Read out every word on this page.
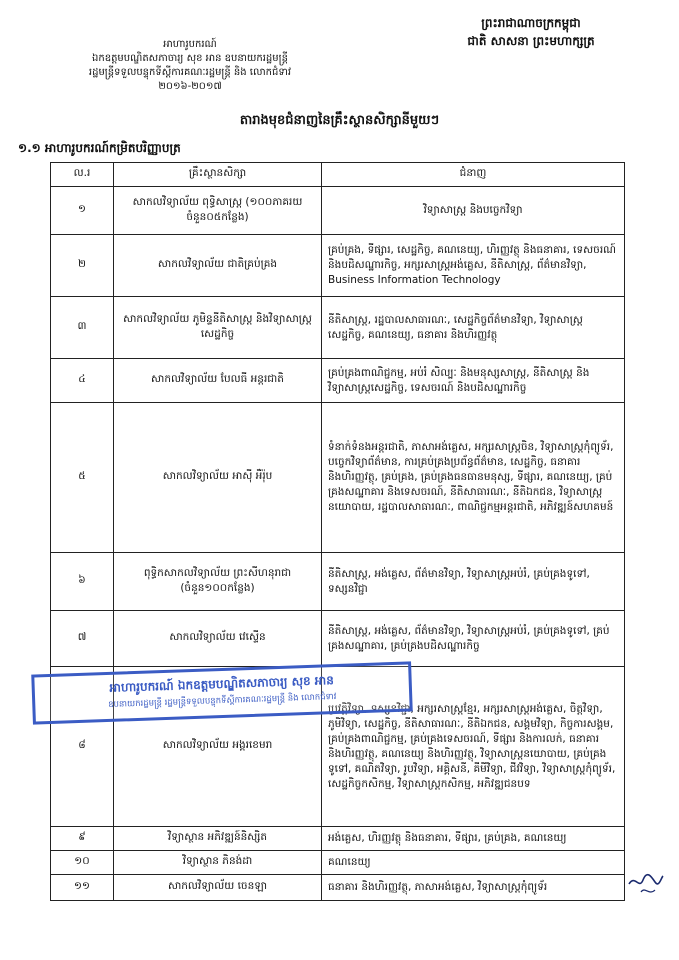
អាហារូបករណ៍
ឯកឧត្តមបណ្ឌិតសភាចារ្យ សុខ អាន ឧបនាយករដ្ឋមន្ត្រី
រដ្ឋមន្ត្រីទទួលបន្ទុកទីស្តីការគណៈរដ្ឋមន្ត្រី និង លោកជំទាវ
២០១៦-២០១៧
ព្រះរាជាណាចក្រកម្ពុជា
ជាតិ សាសនា ព្រះមហាក្សត្រ
តារាងមុខជំនាញនៃគ្រឹះស្ថានសិក្សានីមួយៗ
១.១ អាហារូបករណ៍កម្រិតបរិញ្ញាបត្រ
ល.រ	គ្រឹះស្ថានសិក្សា	ជំនាញ
១	សាកលវិទ្យាល័យ ពុទ្ធិសាស្ត្រ (១០០ភាគរយ ចំនួន០៥កន្លែង)	វិទ្យាសាស្ត្រ និងបច្ចេកវិទ្យា
២	សាកលវិទ្យាល័យ ជាតិគ្រប់គ្រង	គ្រប់គ្រង, ទីផ្សារ, សេដ្ឋកិច្ច, គណនេយ្យ, ហិរញ្ញវត្ថុ និងធនាគារ, ទេសចរណ៍និងបដិសណ្ឋារកិច្ច, អក្សរសាស្ត្រអង់គ្លេស, នីតិសាស្ត្រ, ព័ត៌មានវិទ្យា, Business Information Technology
៣	សាកលវិទ្យាល័យ ភូមិន្ទនីតិសាស្ត្រ និងវិទ្យាសាស្ត្រសេដ្ឋកិច្ច	នីតិសាស្ត្រ, រដ្ឋបាលសាធារណៈ, សេដ្ឋកិច្ចព័ត៌មានវិទ្យា, វិទ្យាសាស្ត្រសេដ្ឋកិច្ច, គណនេយ្យ, ធនាគារ និងហិរញ្ញវត្ថុ
៤	សាកលវិទ្យាល័យ បែលធី អន្តរជាតិ	គ្រប់គ្រងពាណិជ្ជកម្ម, អប់រំ សិល្បៈ និងមនុស្សសាស្ត្រ, នីតិសាស្ត្រ និងវិទ្យាសាស្ត្រសេដ្ឋកិច្ច, ទេសចរណ៍ និងបដិសណ្ឋារកិច្ច
៥	សាកលវិទ្យាល័យ អាស៊ី អឺរ៉ុប	ទំនាក់ទំនងអន្តរជាតិ, ភាសាអង់គ្លេស, អក្សរសាស្ត្រចិន, វិទ្យាសាស្ត្រកុំព្យូទ័រ, បច្ចេកវិទ្យាព័ត៌មាន, ការគ្រប់គ្រងប្រព័ន្ធព័ត៌មាន, សេដ្ឋកិច្ច, ធនាគារ និងហិរញ្ញវត្ថុ, គ្រប់គ្រង, គ្រប់គ្រងធនធានមនុស្ស, ទីផ្សារ, គណនេយ្យ, គ្រប់គ្រងសណ្ឋាគារ និងទេសចរណ៍, នីតិសាធារណៈ, នីតិឯកជន, វិទ្យាសាស្ត្រនយោបាយ, រដ្ឋបាលសាធារណៈ, ពាណិជ្ជកម្មអន្តរជាតិ, អភិវឌ្ឍន៍សហគមន៍
៦	ពុទ្ធិកសាកលវិទ្យាល័យ ព្រះសីហនុរាជា (ចំនួន១០០កន្លែង)	នីតិសាស្ត្រ, អង់គ្លេស, ព័ត៌មានវិទ្យា, វិទ្យាសាស្ត្រអប់រំ, គ្រប់គ្រងទូទៅ, ទស្សនវិជ្ជា
៧	សាកលវិទ្យាល័យ វេស្ទើន	នីតិសាស្ត្រ, អង់គ្លេស, ព័ត៌មានវិទ្យា, វិទ្យាសាស្ត្រអប់រំ, គ្រប់គ្រងទូទៅ, គ្រប់គ្រងសណ្ឋាគារ, គ្រប់គ្រងបដិសណ្ឋារកិច្ច
៨	សាកលវិទ្យាល័យ អង្គរខេមរា	ប្រវត្តិវិទ្យា, ទស្សនវិជ្ជា, អក្សរសាស្ត្រខ្មែរ, អក្សរសាស្ត្រអង់គ្លេស, ចិត្តវិទ្យា, ភូមិវិទ្យា, សេដ្ឋកិច្ច, នីតិសាធារណៈ, នីតិឯកជន, សង្គមវិទ្យា, កិច្ចការសង្គម, គ្រប់គ្រងពាណិជ្ជកម្ម, គ្រប់គ្រងទេសចរណ៍, ទីផ្សារ និងការលក់, ធនាគារ និងហិរញ្ញវត្ថុ, គណនេយ្យ និងហិរញ្ញវត្ថុ, វិទ្យាសាស្ត្រនយោបាយ, គ្រប់គ្រងទូទៅ, គណិតវិទ្យា, រូបវិទ្យា, អគ្គិសនី, គីមីវិទ្យា, ជីវវិទ្យា, វិទ្យាសាស្ត្រកុំព្យូទ័រ, សេដ្ឋកិច្ចកសិកម្ម, វិទ្យាសាស្ត្រកសិកម្ម, អភិវឌ្ឍជនបទ
៩	វិទ្យាស្ថាន អភិវឌ្ឍន៍និស្សិត	អង់គ្លេស, ហិរញ្ញវត្ថុ និងធនាគារ, ទីផ្សារ, គ្រប់គ្រង, គណនេយ្យ
១០	វិទ្យាស្ថាន ភិនង់ដា	គណនេយ្យ
១១	សាកលវិទ្យាល័យ ចេនឡា	ធនាគារ និងហិរញ្ញវត្ថុ, ភាសាអង់គ្លេស, វិទ្យាសាស្ត្រកុំព្យូទ័រ
អាហារូបករណ៍ ឯកឧត្តមបណ្ឌិតសភាចារ្យ សុខ អាន
ឧបនាយករដ្ឋមន្ត្រី រដ្ឋមន្ត្រីទទួលបន្ទុកទីស្តីការគណៈរដ្ឋមន្ត្រី និង លោកជំទាវ
